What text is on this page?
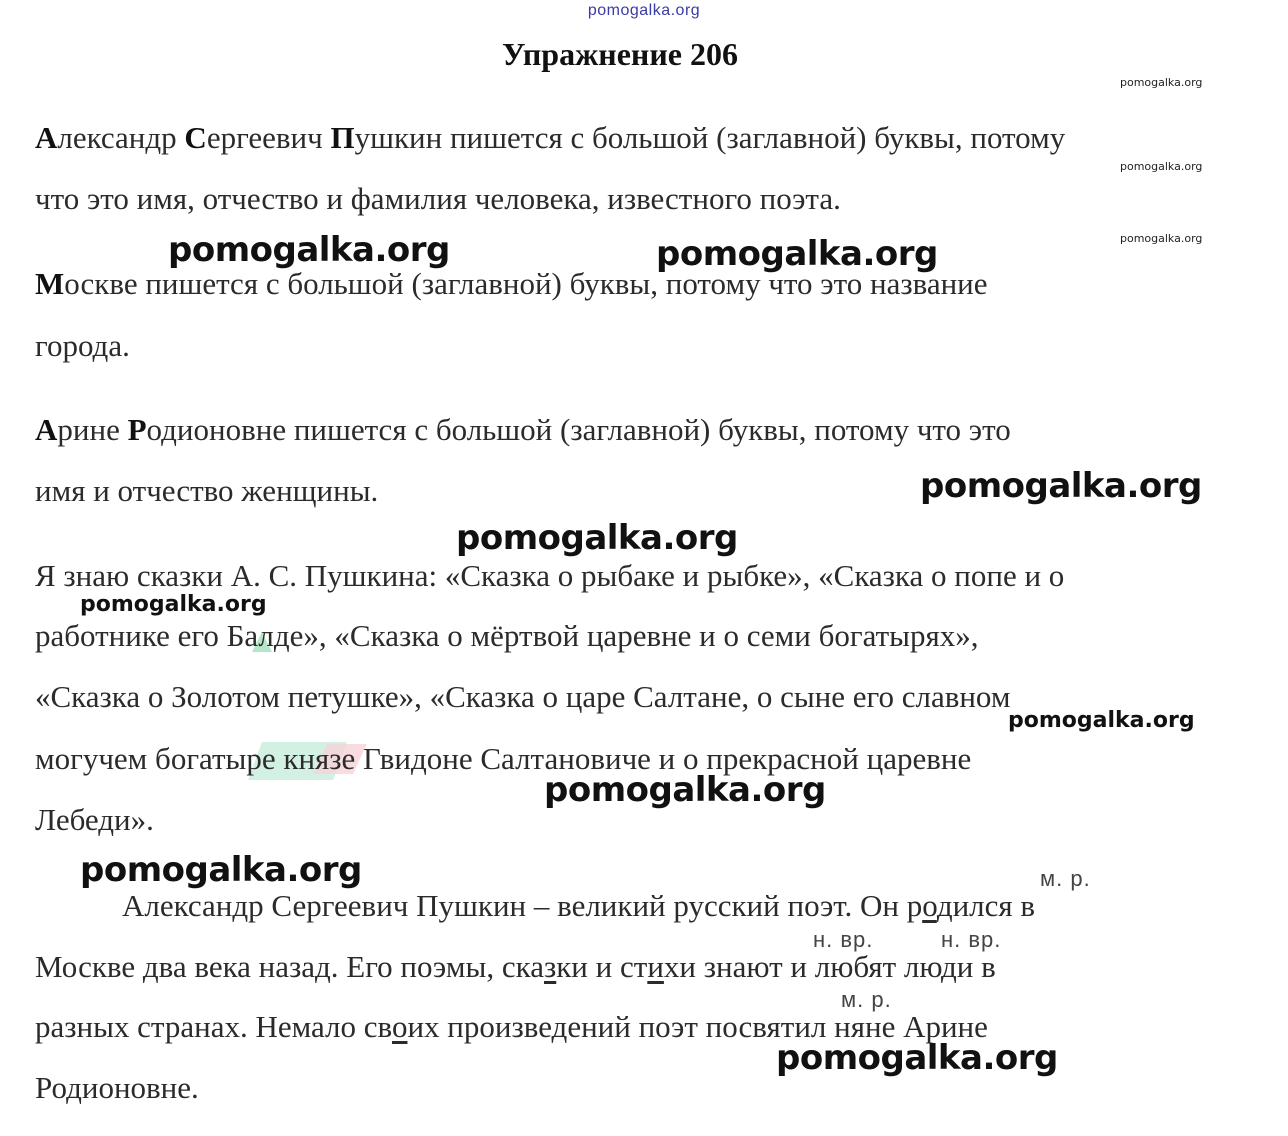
pomogalka.org
Упражнение 206
Александр Сергеевич Пушкин пишется с большой (заглавной) буквы, потому
что это имя, отчество и фамилия человека, известного поэта.
Москве пишется с большой (заглавной) буквы, потому что это название
города.
Арине Родионовне пишется с большой (заглавной) буквы, потому что это
имя и отчество женщины.
Я знаю сказки А. С. Пушкина: «Сказка о рыбаке и рыбке», «Сказка о попе и о
работнике его Балде», «Сказка о мёртвой царевне и о семи богатырях»,
«Сказка о Золотом петушке», «Сказка о царе Салтане, о сыне его славном
могучем богатыре князе Гвидоне Салтановиче и о прекрасной царевне
Лебеди».
м. р.
н. вр.	н. вр.
м. р.
Александр Сергеевич Пушкин – великий русский поэт. Он родился в
Москве два века назад. Его поэмы, сказки и стихи знают и любят люди в
разных странах. Немало своих произведений поэт посвятил няне Арине
Родионовне.
pomogalka.org
pomogalka.org
pomogalka.org
pomogalka.org	pomogalka.org
pomogalka.org
pomogalka.org
pomogalka.org
pomogalka.org
pomogalka.org
pomogalka.org
pomogalka.org
